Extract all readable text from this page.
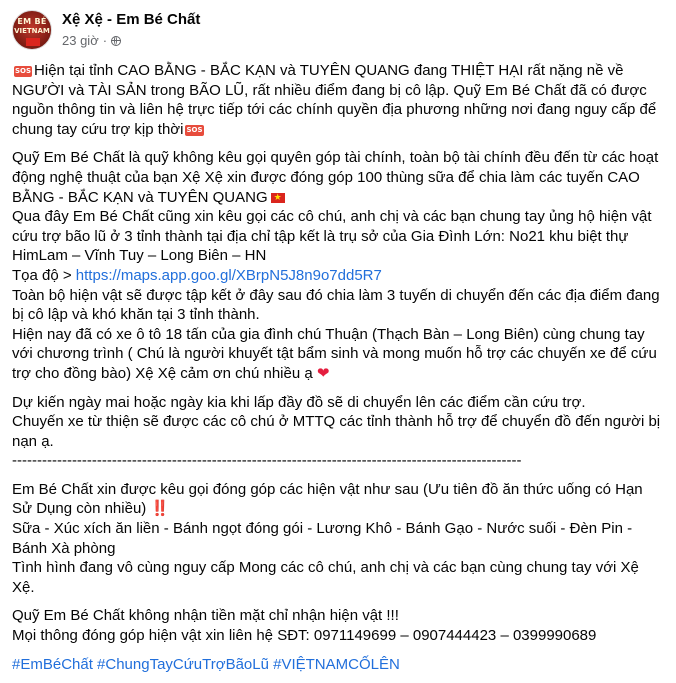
EM BÉ
VIETNAM
Xệ Xệ - Em Bé Chất
23 giờ ·

SOS Hiện tại tỉnh CAO BẰNG - BẮC KẠN và TUYÊN QUANG đang THIỆT HẠI rất nặng nề về NGƯỜI và TÀI SẢN trong BÃO LŨ, rất nhiều điểm đang bị cô lập. Quỹ Em Bé Chất đã có được nguồn thông tin và liên hệ trực tiếp tới các chính quyền địa phương những nơi đang nguy cấp để chung tay cứu trợ kịp thời SOS

Quỹ Em Bé Chất là quỹ không kêu gọi quyên góp tài chính, toàn bộ tài chính đều đến từ các hoạt động nghệ thuật của bạn Xệ Xệ xin được đóng góp 100 thùng sữa để chia làm các tuyến CAO BẰNG - BẮC KẠN và TUYÊN QUANG★
Qua đây Em Bé Chất cũng xin kêu gọi các cô chú, anh chị và các bạn chung tay ủng hộ hiện vật cứu trợ bão lũ ở 3 tỉnh thành tại địa chỉ tập kết là trụ sở của Gia Đình Lớn: No21 khu biệt thự HimLam – Vĩnh Tuy – Long Biên – HN
Tọa độ > https://maps.app.goo.gl/XBrpN5J8n9o7dd5R7
Toàn bộ hiện vật sẽ được tập kết ở đây sau đó chia làm 3 tuyến di chuyển đến các địa điểm đang bị cô lập và khó khăn tại 3 tỉnh thành.
Hiện nay đã có xe ô tô 18 tấn của gia đình chú Thuận (Thạch Bàn – Long Biên) cùng chung tay với chương trình ( Chú là người khuyết tật bẩm sinh và mong muốn hỗ trợ các chuyến xe để cứu trợ cho đồng bào) Xệ Xệ cảm ơn chú nhiều ạ ❤

Dự kiến ngày mai hoặc ngày kia khi lấp đầy đồ sẽ di chuyển lên các điểm cần cứu trợ.
Chuyến xe từ thiện sẽ được các cô chú ở MTTQ các tỉnh thành hỗ trợ để chuyển đồ đến người bị nạn ạ.
------------------------------------------------------------------------------------------------------

Em Bé Chất xin được kêu gọi đóng góp các hiện vật như sau (Ưu tiên đồ ăn thức uống có Hạn Sử Dụng còn nhiều) ‼️
Sữa - Xúc xích ăn liền - Bánh ngọt đóng gói - Lương Khô - Bánh Gạo - Nước suối - Đèn Pin - Bánh Xà phòng
Tình hình đang vô cùng nguy cấp Mong các cô chú, anh chị và các bạn cùng chung tay với Xệ Xệ.

Quỹ Em Bé Chất không nhận tiền mặt chỉ nhận hiện vật !!!
Mọi thông đóng góp hiện vật xin liên hệ SĐT: 0971149699 – 0907444423 – 0399990689

#EmBéChất #ChungTayCứuTrợBãoLũ #VIỆTNAMCỐLÊN
